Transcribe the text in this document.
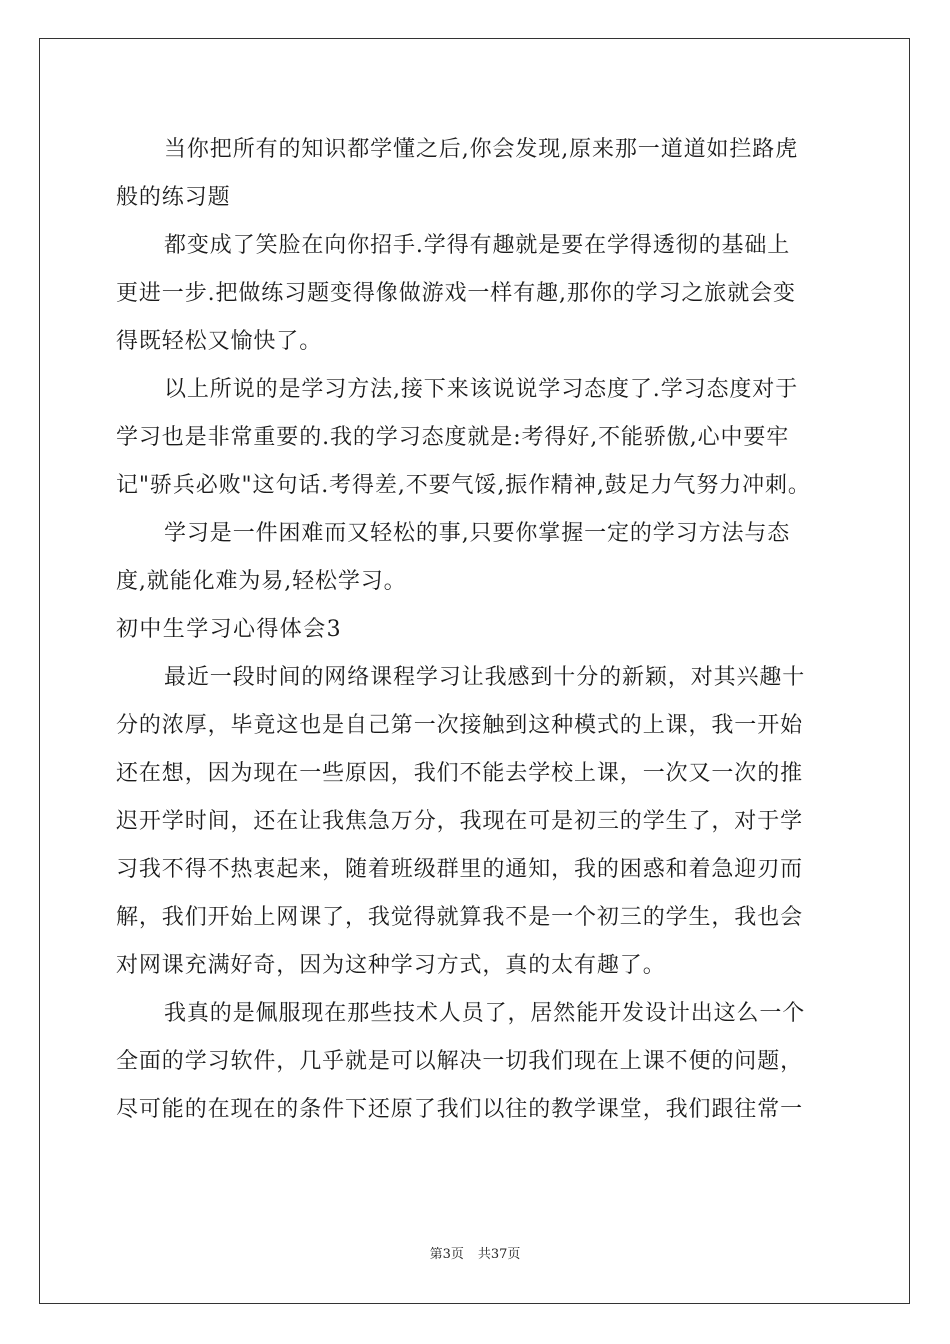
当你把所有的知识都学懂之后,你会发现,原来那一道道如拦路虎
般的练习题
都变成了笑脸在向你招手.学得有趣就是要在学得透彻的基础上
更进一步.把做练习题变得像做游戏一样有趣,那你的学习之旅就会变
得既轻松又愉快了。
以上所说的是学习方法,接下来该说说学习态度了.学习态度对于
学习也是非常重要的.我的学习态度就是:考得好,不能骄傲,心中要牢
记"骄兵必败"这句话.考得差,不要气馁,振作精神,鼓足力气努力冲刺。
学习是一件困难而又轻松的事,只要你掌握一定的学习方法与态
度,就能化难为易,轻松学习。
初中生学习心得体会3
最近一段时间的网络课程学习让我感到十分的新颖，对其兴趣十
分的浓厚，毕竟这也是自己第一次接触到这种模式的上课，我一开始
还在想，因为现在一些原因，我们不能去学校上课，一次又一次的推
迟开学时间，还在让我焦急万分，我现在可是初三的学生了，对于学
习我不得不热衷起来，随着班级群里的通知，我的困惑和着急迎刃而
解，我们开始上网课了，我觉得就算我不是一个初三的学生，我也会
对网课充满好奇，因为这种学习方式，真的太有趣了。
我真的是佩服现在那些技术人员了，居然能开发设计出这么一个
全面的学习软件，几乎就是可以解决一切我们现在上课不便的问题，
尽可能的在现在的条件下还原了我们以往的教学课堂，我们跟往常一
第3页 共37页
